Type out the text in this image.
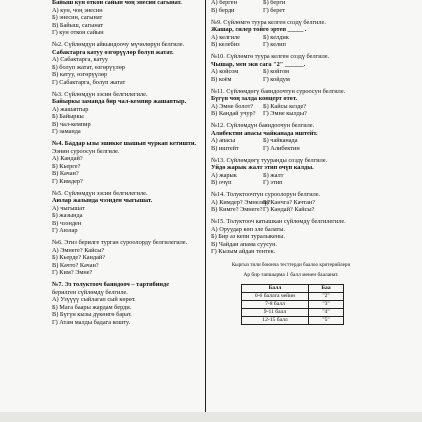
Байыш кун откон сайын чоң энесин сагынат.
А) кун, чоң энесин
Б) энесин, сагынат
В) Байыш, сагынат
Г) кун откон сайын
№2. Сүйлөмдүн айкындоочу мүчөлөрүн белгиле.
Сабактарга катуу өзгөрүүлөр болуп жатат.
А) Сабактарга, катуу
Б) болуп жатат, өзгөрүүлөр
В) катуу, өзгөрүүлөр
Г) Сабактарга, болуп жатат
№3. Сүйлөмдүн ээсин белгилегиле.
Байыркы заманда бир чал-кемпир жашаптыр.
А) жашаптыр
Б) Байыркы
В) чал-кемпир
Г) заманда
№4. Баддар ызы эшикке шашып чуркап кетишти.
Ээнин суроосун белгиле.
А) Кандай?
Б) Кьерге?
В) Качан?
Г) Кимдер?
№5. Сүйлөмдүн ээсин белгилегиле.
Аюлар жазында чээнден чыгышат.
А) чыгышат
Б) жазында
В) чээнден
Г) Аюлар
№6. Эгиз берилге турган суроолорду белгилегиле.
А) Эмнеге? Кайсы?
Б) Кьерде? Кандай?
В) Качто? Качан?
Г) Ким? Эмне?
№7. Эз толуктооч баяндооч – тартибинде
берилген сүйлөмдү белгиле.
А) Узүүүү сыйлагап сый көрөт.
Б) Мага баары жардам берди.
В) Бүгүн кызы дүкөнгө барат.
Г) Атам малды бадага кошту.
А) берген	Б) берги
В) берди	Г) берет
№9. Сүйлөмгө туура келген создү белгиле.
Жашар, силер тойго эртен _____ .
А) келгиле	Б) келдик
В) келебиз	Г) келип
№10. Сүйлөмгө туура келген создү белгиле.
Чышар, мен эки сага "2" ______.
А) койсом	Б) койгом
В) коём	Г) койдум
№11. Сүйлөмдөгү баяндоочтун суроосун белгиле.
Бүгүн чоң залда концерт өтөт.
А) Эмне болот?	Б) Кайсы кезде?
В) Кандай учур?	Г) Эмне кылды?
№12. Сүйлөмдүн баяндоочун белгиле.
Алибектин апасы чайканада иштейт.
А) апасы	Б) чайканада
В) иштейт	Г) Алибектин
№13. Сүйлөмдөгү тууранды создү белгиле.
Уйдө жарык жалт этип очүп калды.
А) жарык	Б) жалт
В) очүп	Г) этип
№14. Толуктоочтун суроолорун белгиле.
А) Кимдер? Эмнелер?
Б) Канчга? Качтан?
В) Кимге? Эмнеге? Г) Кандай? Кайсы?
№15. Толуктооч катышкан сүйлөмдү белгилегиле.
А) Оруудар көп эле балаты.
Б) Бир аз кепи туралыкены.
В) Чайдан апама суусун.
Г) Кызым айдан тентек.
Кыргыз тили боюнча тесттерди баалоо критерийлери
Ар бир тапшырма 1 балл менен бааланат.
Балл	Баа
0-6 баллга чейин	"2"
7-8 балл	"3"
9-11 балл	"4"
12-15 балл	"5"
